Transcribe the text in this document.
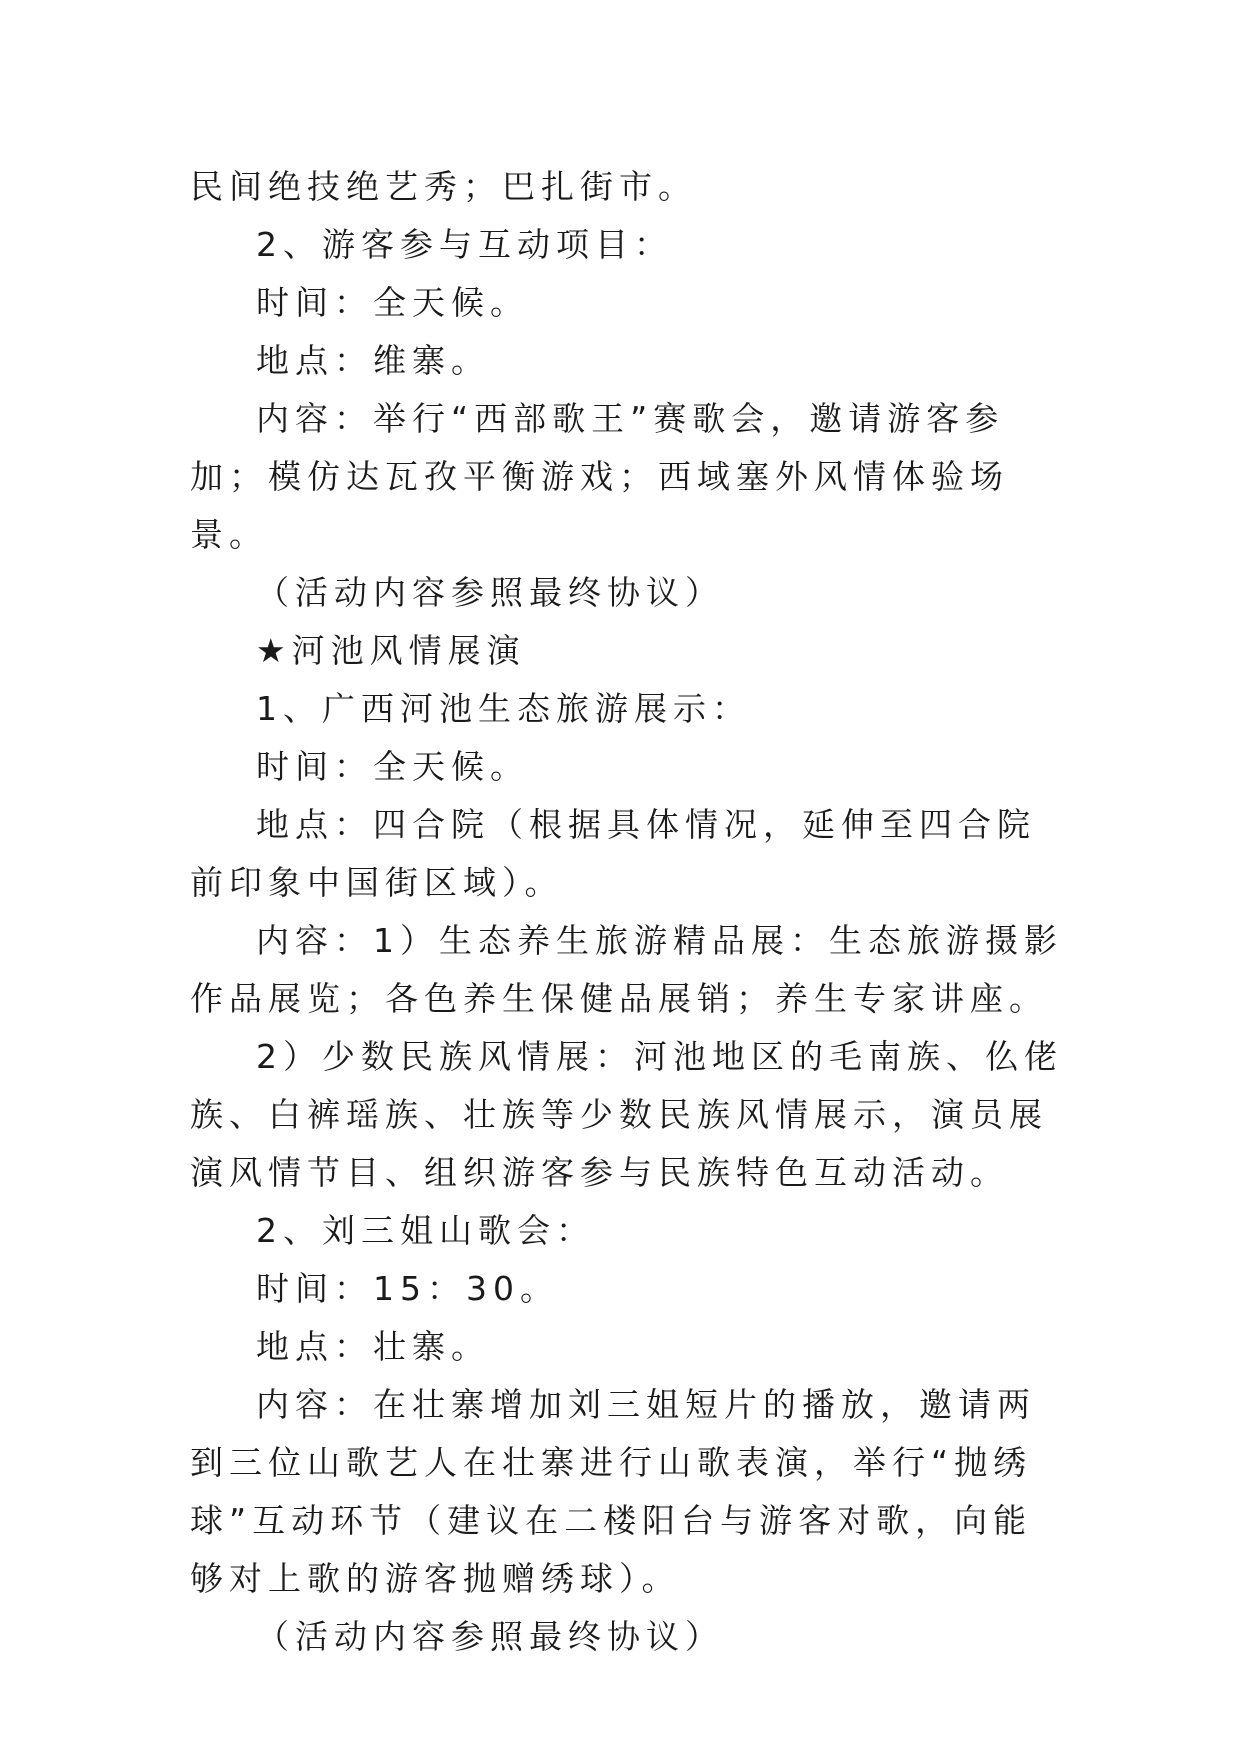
民间绝技绝艺秀；巴扎街市。

2、游客参与互动项目：

时间：全天候。

地点：维寨。

内容：举行“西部歌王”赛歌会，邀请游客参加；模仿达瓦孜平衡游戏；西域塞外风情体验场景。

（活动内容参照最终协议）

★河池风情展演

1、广西河池生态旅游展示：

时间：全天候。

地点：四合院（根据具体情况，延伸至四合院前印象中国街区域）。

内容：1）生态养生旅游精品展：生态旅游摄影作品展览；各色养生保健品展销；养生专家讲座。

2）少数民族风情展：河池地区的毛南族、仫佬族、白裤瑶族、壮族等少数民族风情展示，演员展演风情节目、组织游客参与民族特色互动活动。

2、刘三姐山歌会：

时间：15：30。

地点：壮寨。

内容：在壮寨增加刘三姐短片的播放，邀请两到三位山歌艺人在壮寨进行山歌表演，举行“抛绣球”互动环节（建议在二楼阳台与游客对歌，向能够对上歌的游客抛赠绣球）。

（活动内容参照最终协议）
